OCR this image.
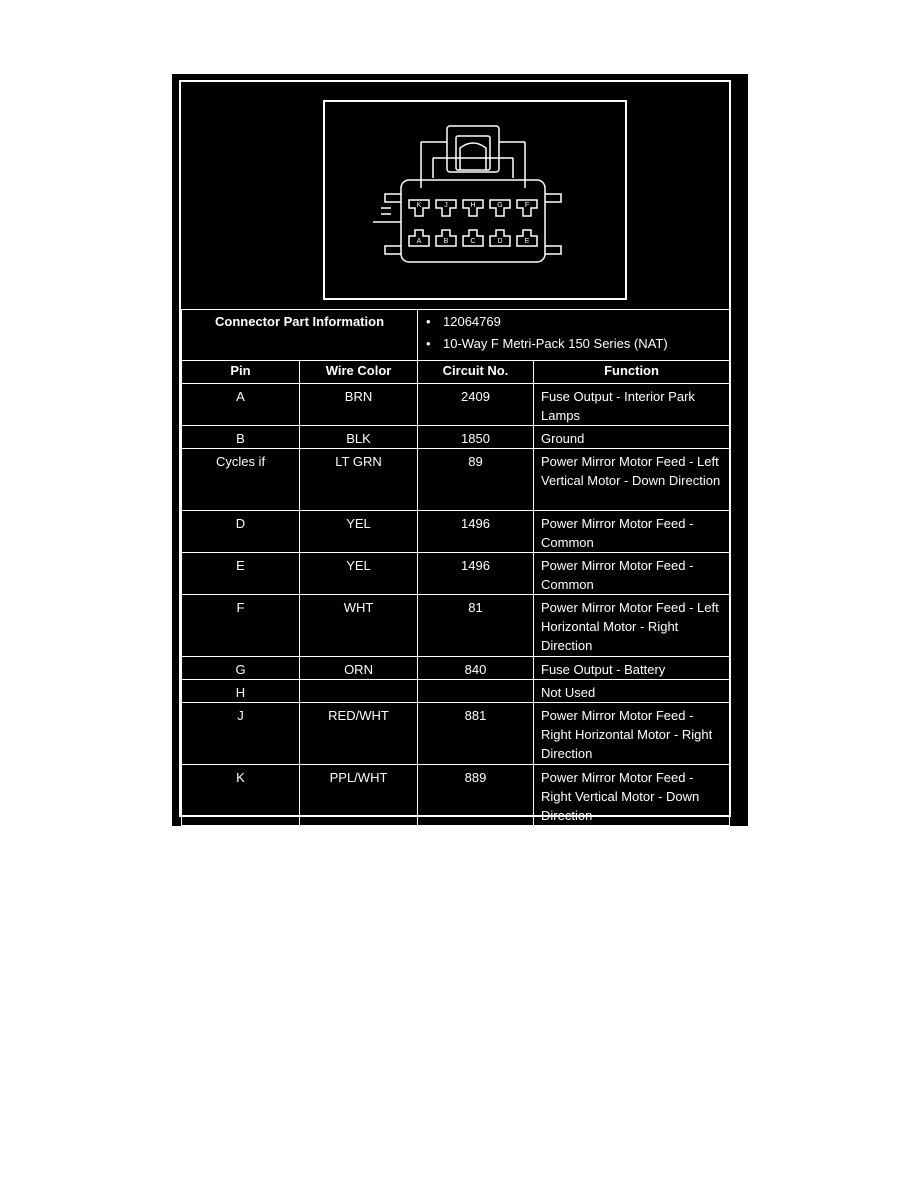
K	J	H	G	F
A	B	C	D	E
Connector Part Information		• 12064769
• 10-Way F Metri-Pack 150 Series (NAT)

Pin	Wire Color	Circuit No.	Function
A	BRN	2409	Fuse Output - Interior Park Lamps
B	BLK	1850	Ground
Cycles if	LT GRN	89	Power Mirror Motor Feed - Left Vertical Motor - Down Direction
D	YEL	1496	Power Mirror Motor Feed - Common
E	YEL	1496	Power Mirror Motor Feed - Common
F	WHT	81	Power Mirror Motor Feed - Left Horizontal Motor - Right Direction
G	ORN	840	Fuse Output - Battery
H			Not Used
J	RED/WHT	881	Power Mirror Motor Feed - Right Horizontal Motor - Right Direction
K	PPL/WHT	889	Power Mirror Motor Feed - Right Vertical Motor - Down Direction
